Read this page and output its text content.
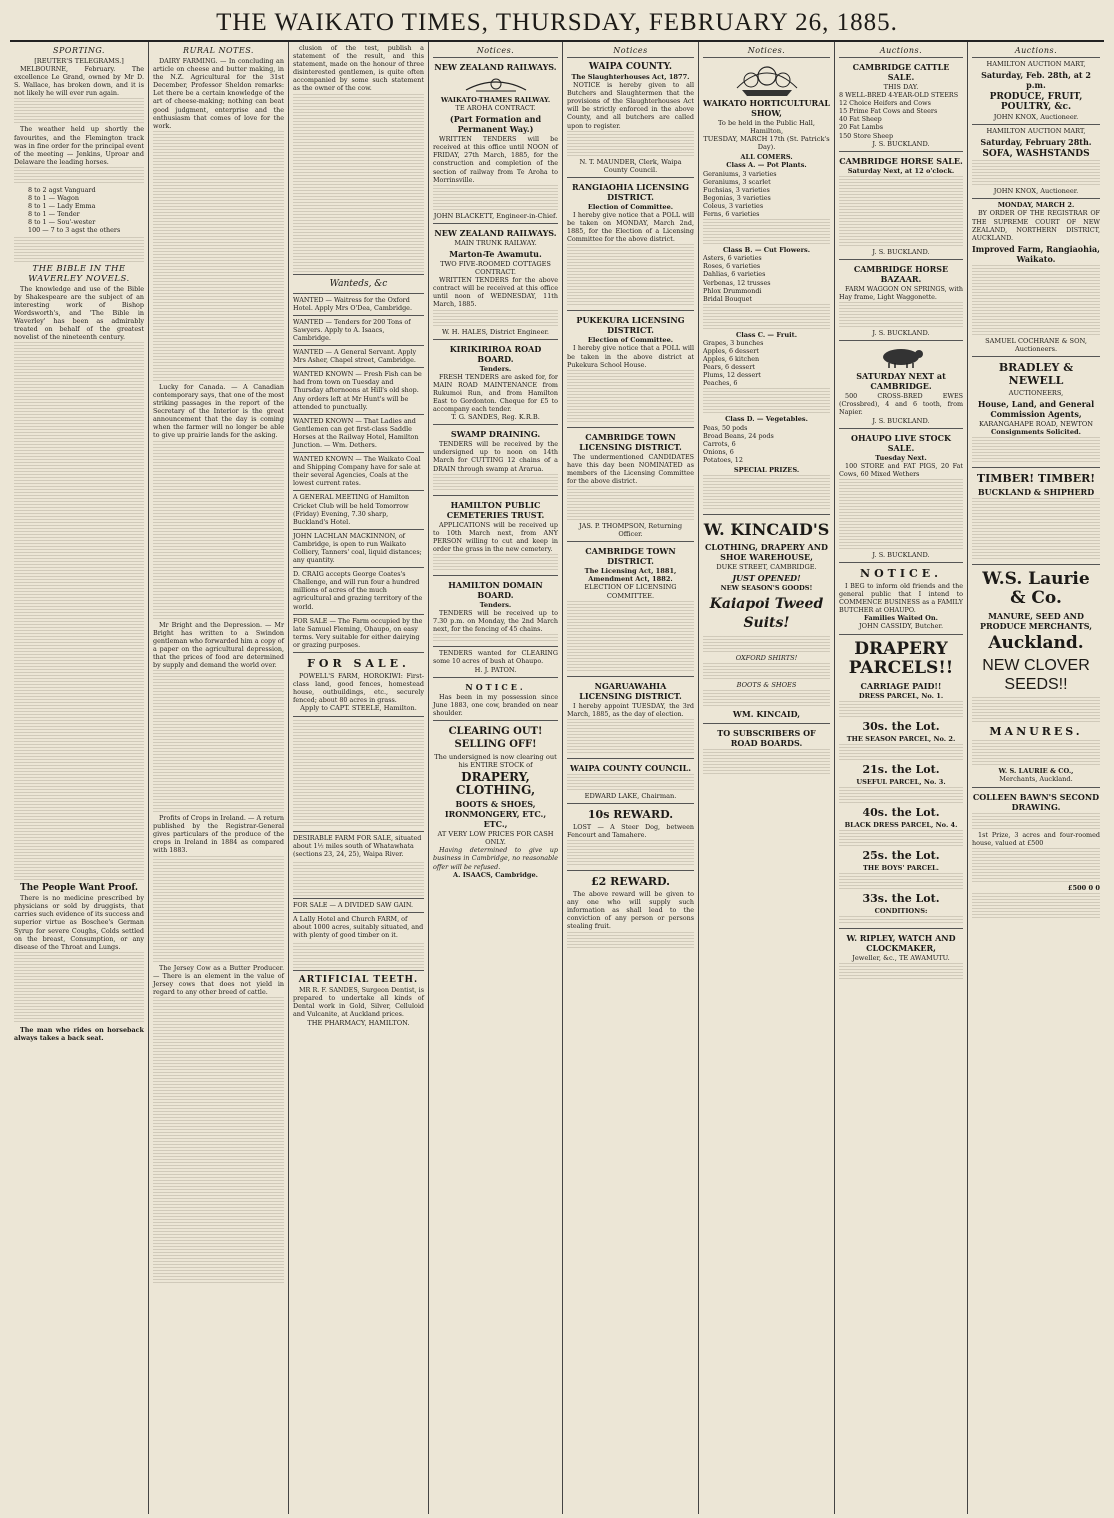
THE WAIKATO TIMES, THURSDAY, FEBRUARY 26, 1885.
SPORTING.
[REUTER'S TELEGRAMS.]
MELBOURNE, February. The excellence Le Grand, owned by Mr D. S. Wallace, has broken down, and it is not likely he will ever run again.
The weather held up shortly the favourites, and the Flemington track was in fine order for the principal event of the meeting — Jenkins, Uproar and Delaware the leading horses.
8 to 2 agst Vanguard
8 to 1 — Wagon
8 to 1 — Lady Emma
8 to 1 — Tender
8 to 1 — Sou'-wester
100 — 7 to 3 agst the others
THE BIBLE IN THE WAVERLEY NOVELS.
The knowledge and use of the Bible by Shakespeare are the subject of an interesting work of Bishop Wordsworth's, and 'The Bible in Waverley' has been as admirably treated on behalf of the greatest novelist of the nineteenth century.
The People Want Proof.
There is no medicine prescribed by physicians or sold by druggists, that carries such evidence of its success and superior virtue as Boschee's German Syrup for severe Coughs, Colds settled on the breast, Consumption, or any disease of the Throat and Lungs.
The man who rides on horseback always takes a back seat.
RURAL NOTES.
DAIRY FARMING. — In concluding an article on cheese and butter making, in the N.Z. Agricultural for the 31st December, Professor Sheldon remarks: Let there be a certain knowledge of the art of cheese-making; nothing can beat good judgment, enterprise and the enthusiasm that comes of love for the work.
Lucky for Canada. — A Canadian contemporary says, that one of the most striking passages in the report of the Secretary of the Interior is the great announcement that the day is coming when the farmer will no longer be able to give up prairie lands for the asking.
Mr Bright and the Depression. — Mr Bright has written to a Swindon gentleman who forwarded him a copy of a paper on the agricultural depression, that the prices of food are determined by supply and demand the world over.
Profits of Crops in Ireland. — A return published by the Registrar-General gives particulars of the produce of the crops in Ireland in 1884 as compared with 1883.
The Jersey Cow as a Butter Producer. — There is an element in the value of Jersey cows that does not yield in regard to any other breed of cattle.
clusion of the test, publish a statement of the result, and this statement, made on the honour of three disinterested gentlemen, is quite often accompanied by some such statement as the owner of the cow.
Wanteds, &c
WANTED — Waitress for the Oxford Hotel. Apply Mrs O'Dea, Cambridge.
WANTED — Tenders for 200 Tons of Sawyers. Apply to A. Isaacs, Cambridge.
WANTED — A General Servant. Apply Mrs Asher, Chapel street, Cambridge.
WANTED KNOWN — Fresh Fish can be had from town on Tuesday and Thursday afternoons at Hill's old shop. Any orders left at Mr Hunt's will be attended to punctually.
WANTED KNOWN — That Ladies and Gentlemen can get first-class Saddle Horses at the Railway Hotel, Hamilton Junction. — Wm. Dethers.
WANTED KNOWN — The Waikato Coal and Shipping Company have for sale at their several Agencies, Coals at the lowest current rates.
A GENERAL MEETING of Hamilton Cricket Club will be held Tomorrow (Friday) Evening, 7.30 sharp, Buckland's Hotel.
JOHN LACHLAN MACKINNON, of Cambridge, is open to run Waikato Colliery, Tanners' coal, liquid distances; any quantity.
D. CRAIG accepts George Coates's Challenge, and will run four a hundred millions of acres of the much agricultural and grazing territory of the world.
FOR SALE — The Farm occupied by the late Samuel Fleming, Ohaupo, on easy terms. Very suitable for either dairying or grazing purposes.
FOR SALE.
POWELL'S FARM, HOROKIWI: First-class land, good fences, homestead house, outbuildings, etc., securely fenced; about 80 acres in grass.
Apply to CAPT. STEELE, Hamilton.
DESIRABLE FARM FOR SALE, situated about 1½ miles south of Whatawhata (sections 23, 24, 25), Waipa River.
FOR SALE — A DIVIDED SAW GAIN.
A Lally Hotel and Church FARM, of about 1000 acres, suitably situated, and with plenty of good timber on it.
ARTIFICIAL TEETH.
MR R. F. SANDES, Surgeon Dentist, is prepared to undertake all kinds of Dental work in Gold, Silver, Celluloid and Vulcanite, at Auckland prices.
THE PHARMACY, HAMILTON.
Notices.
NEW ZEALAND RAILWAYS.
WAIKATO-THAMES RAILWAY.
TE AROHA CONTRACT.
(Part Formation and Permanent Way.)
WRITTEN TENDERS will be received at this office until NOON of FRIDAY, 27th March, 1885, for the construction and completion of the section of railway from Te Aroha to Morrinsville.
JOHN BLACKETT, Engineer-in-Chief.
NEW ZEALAND RAILWAYS.
MAIN TRUNK RAILWAY.
Marton-Te Awamutu.
TWO FIVE-ROOMED COTTAGES CONTRACT.
WRITTEN TENDERS for the above contract will be received at this office until noon of WEDNESDAY, 11th March, 1885.
W. H. HALES, District Engineer.
KIRIKIRIROA ROAD BOARD.
Tenders.
FRESH TENDERS are asked for, for MAIN ROAD MAINTENANCE from Rukumoi Run, and from Hamilton East to Gordonton. Cheque for £5 to accompany each tender.
T. G. SANDES, Reg. K.R.B.
SWAMP DRAINING.
TENDERS will be received by the undersigned up to noon on 14th March for CUTTING 12 chains of a DRAIN through swamp at Ararua.
HAMILTON PUBLIC CEMETERIES TRUST.
APPLICATIONS will be received up to 10th March next, from ANY PERSON willing to cut and keep in order the grass in the new cemetery.
HAMILTON DOMAIN BOARD.
Tenders.
TENDERS will be received up to 7.30 p.m. on Monday, the 2nd March next, for the fencing of 45 chains.
TENDERS wanted for CLEARING some 10 acres of bush at Ohaupo.
H. J. PATON.
NOTICE.
Has been in my possession since June 1883, one cow, branded on near shoulder.
CLEARING OUT! SELLING OFF!
The undersigned is now clearing out his ENTIRE STOCK of
DRAPERY, CLOTHING,
BOOTS & SHOES, IRONMONGERY, ETC., ETC.,
AT VERY LOW PRICES FOR CASH ONLY.
Having determined to give up business in Cambridge, no reasonable offer will be refused.
A. ISAACS, Cambridge.
Notices
WAIPA COUNTY.
The Slaughterhouses Act, 1877.
NOTICE is hereby given to all Butchers and Slaughtermen that the provisions of the Slaughterhouses Act will be strictly enforced in the above County, and all butchers are called upon to register.
N. T. MAUNDER, Clerk, Waipa County Council.
RANGIAOHIA LICENSING DISTRICT.
Election of Committee.
I hereby give notice that a POLL will be taken on MONDAY, March 2nd, 1885, for the Election of a Licensing Committee for the above district.
PUKEKURA LICENSING DISTRICT.
Election of Committee.
I hereby give notice that a POLL will be taken in the above district at Pukekura School House.
CAMBRIDGE TOWN LICENSING DISTRICT.
The undermentioned CANDIDATES have this day been NOMINATED as members of the Licensing Committee for the above district.
JAS. P. THOMPSON, Returning Officer.
CAMBRIDGE TOWN DISTRICT.
The Licensing Act, 1881, Amendment Act, 1882.
ELECTION OF LICENSING COMMITTEE.
NGARUAWAHIA LICENSING DISTRICT.
I hereby appoint TUESDAY, the 3rd March, 1885, as the day of election.
WAIPA COUNTY COUNCIL.
EDWARD LAKE, Chairman.
10s REWARD.
LOST — A Steer Dog, between Fencourt and Tamahere.
£2 REWARD.
The above reward will be given to any one who will supply such information as shall lead to the conviction of any person or persons stealing fruit.
Notices.
WAIKATO HORTICULTURAL SHOW,
To be held in the Public Hall, Hamilton,
TUESDAY, MARCH 17th (St. Patrick's Day).
ALL COMERS.
Class A. — Pot Plants.
Geraniums, 3 varieties
Geraniums, 3 scarlet
Fuchsias, 3 varieties
Begonias, 3 varieties
Coleus, 3 varieties
Ferns, 6 varieties
Class B. — Cut Flowers.
Asters, 6 varieties
Roses, 6 varieties
Dahlias, 6 varieties
Verbenas, 12 trusses
Phlox Drummondi
Bridal Bouquet
Class C. — Fruit.
Grapes, 3 bunches
Apples, 6 dessert
Apples, 6 kitchen
Pears, 6 dessert
Plums, 12 dessert
Peaches, 6
Class D. — Vegetables.
Peas, 50 pods
Broad Beans, 24 pods
Carrots, 6
Onions, 6
Potatoes, 12
SPECIAL PRIZES.
W. KINCAID'S
CLOTHING, DRAPERY AND SHOE WAREHOUSE,
DUKE STREET, CAMBRIDGE.
JUST OPENED!
NEW SEASON'S GOODS!
Kaiapoi Tweed Suits!
OXFORD SHIRTS!
BOOTS & SHOES
WM. KINCAID,
TO SUBSCRIBERS OF ROAD BOARDS.
Auctions.
CAMBRIDGE CATTLE SALE.
THIS DAY.
8 WELL-BRED 4-YEAR-OLD STEERS
12 Choice Heifers and Cows
15 Prime Fat Cows and Steers
40 Fat Sheep
20 Fat Lambs
150 Store Sheep
J. S. BUCKLAND.
CAMBRIDGE HORSE SALE.
Saturday Next, at 12 o'clock.
J. S. BUCKLAND.
CAMBRIDGE HORSE BAZAAR.
FARM WAGGON ON SPRINGS, with Hay frame, Light Waggonette.
J. S. BUCKLAND.
SATURDAY NEXT at CAMBRIDGE.
500 CROSS-BRED EWES (Crossbred), 4 and 6 tooth, from Napier.
J. S. BUCKLAND.
OHAUPO LIVE STOCK SALE.
Tuesday Next.
100 STORE and FAT PIGS, 20 Fat Cows, 60 Mixed Wethers
J. S. BUCKLAND.
NOTICE.
I BEG to inform old friends and the general public that I intend to COMMENCE BUSINESS as a FAMILY BUTCHER at OHAUPO.
Families Waited On.
JOHN CASSIDY, Butcher.
DRAPERY PARCELS!!
CARRIAGE PAID!!
DRESS PARCEL, No. 1.
30s. the Lot.
THE SEASON PARCEL, No. 2.
21s. the Lot.
USEFUL PARCEL, No. 3.
40s. the Lot.
BLACK DRESS PARCEL, No. 4.
25s. the Lot.
THE BOYS' PARCEL.
33s. the Lot.
CONDITIONS:
W. RIPLEY, WATCH AND CLOCKMAKER,
Jeweller, &c., TE AWAMUTU.
Auctions.
HAMILTON AUCTION MART,
Saturday, Feb. 28th, at 2 p.m.
PRODUCE, FRUIT, POULTRY, &c.
JOHN KNOX, Auctioneer.
HAMILTON AUCTION MART,
Saturday, February 28th.
SOFA, WASHSTANDS
JOHN KNOX, Auctioneer.
MONDAY, MARCH 2.
BY ORDER OF THE REGISTRAR OF THE SUPREME COURT OF NEW ZEALAND, NORTHERN DISTRICT, AUCKLAND.
Improved Farm, Rangiaohia, Waikato.
SAMUEL COCHRANE & SON, Auctioneers.
BRADLEY & NEWELL
AUCTIONEERS,
House, Land, and General Commission Agents,
KARANGAHAPE ROAD, NEWTON
Consignments Solicited.
TIMBER! TIMBER!
BUCKLAND & SHIPHERD
W.S. Laurie & Co.
MANURE, SEED AND PRODUCE MERCHANTS,
Auckland.
NEW CLOVER SEEDS!!
MANURES.
W. S. LAURIE & CO.,
Merchants, Auckland.
COLLEEN BAWN'S SECOND DRAWING.
1st Prize, 3 acres and four-roomed house, valued at £500
£500 0 0
